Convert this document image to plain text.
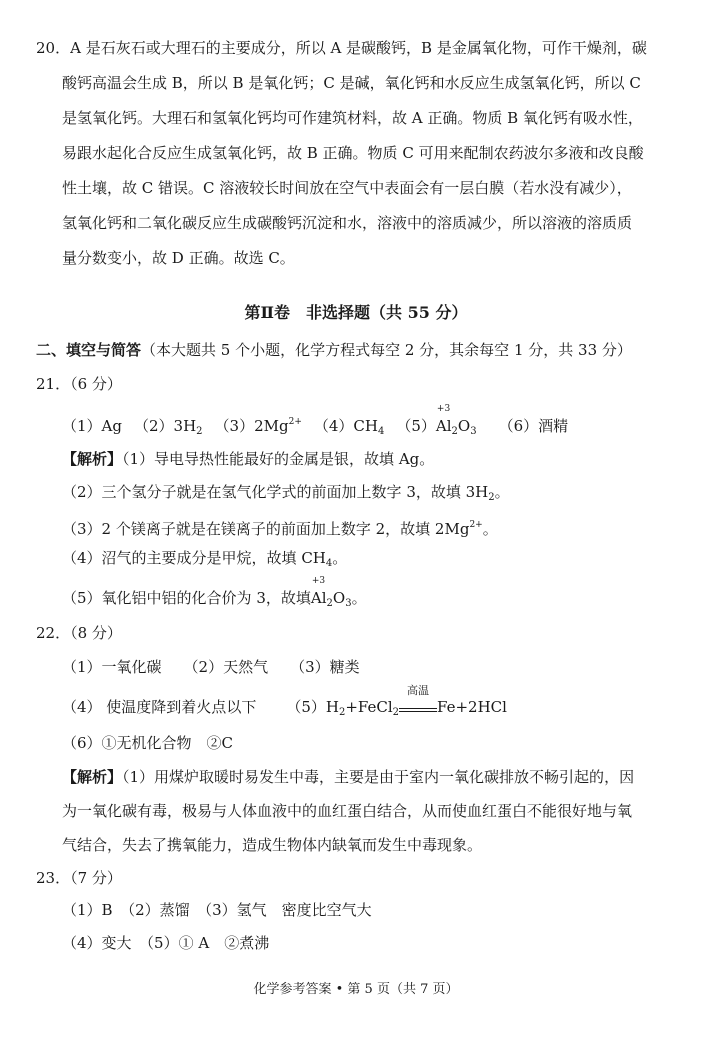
20．A 是石灰石或大理石的主要成分，所以 A 是碳酸钙，B 是金属氧化物，可作干燥剂，碳
酸钙高温会生成 B，所以 B 是氧化钙；C 是碱，氧化钙和水反应生成氢氧化钙，所以 C
是氢氧化钙。大理石和氢氧化钙均可作建筑材料，故 A 正确。物质 B 氧化钙有吸水性，
易跟水起化合反应生成氢氧化钙，故 B 正确。物质 C 可用来配制农药波尔多液和改良酸
性土壤，故 C 错误。C 溶液较长时间放在空气中表面会有一层白膜（若水没有减少），
氢氧化钙和二氧化碳反应生成碳酸钙沉淀和水，溶液中的溶质减少，所以溶液的溶质质
量分数变小，故 D 正确。故选 C。
第Ⅱ卷　非选择题（共 55 分）
二、填空与简答（本大题共 5 个小题，化学方程式每空 2 分，其余每空 1 分，共 33 分）
21．（6 分）
（1）Ag $(2)3H_2$ $(3)2Mg^{2+}$ $(4)CH_4$ （5）
+3
$Al_2O_3$ （6）酒精
【解析】（1）导电导热性能最好的金属是银，故填 Ag。
（2）三个氢分子就是在氢气化学式的前面加上数字 3，故填 $3H_2$。
（3）2 个镁离子就是在镁离子的前面加上数字 2，故填 $2Mg^{2+}$。
（4）沼气的主要成分是甲烷，故填 $CH_4$。
（5）氧化铝中铝的化合价为 3，故填
+3
$Al_2O_3$。
22．（8 分）
（1）一氧化碳 （2）天然气 （3）糖类
（4） 使温度降到着火点以下 $(5)H_2+FeCl_2$
高温
Fe+2HCl
（6）①无机化合物　②C
【解析】（1）用煤炉取暖时易发生中毒，主要是由于室内一氧化碳排放不畅引起的，因
为一氧化碳有毒，极易与人体血液中的血红蛋白结合，从而使血红蛋白不能很好地与氧
气结合，失去了携氧能力，造成生物体内缺氧而发生中毒现象。
23．（7 分）
（1）B　（2）蒸馏　（3）氢气　密度比空气大
（4）变大　（5）① A　②煮沸
化学参考答案 • 第 5 页（共 7 页）
